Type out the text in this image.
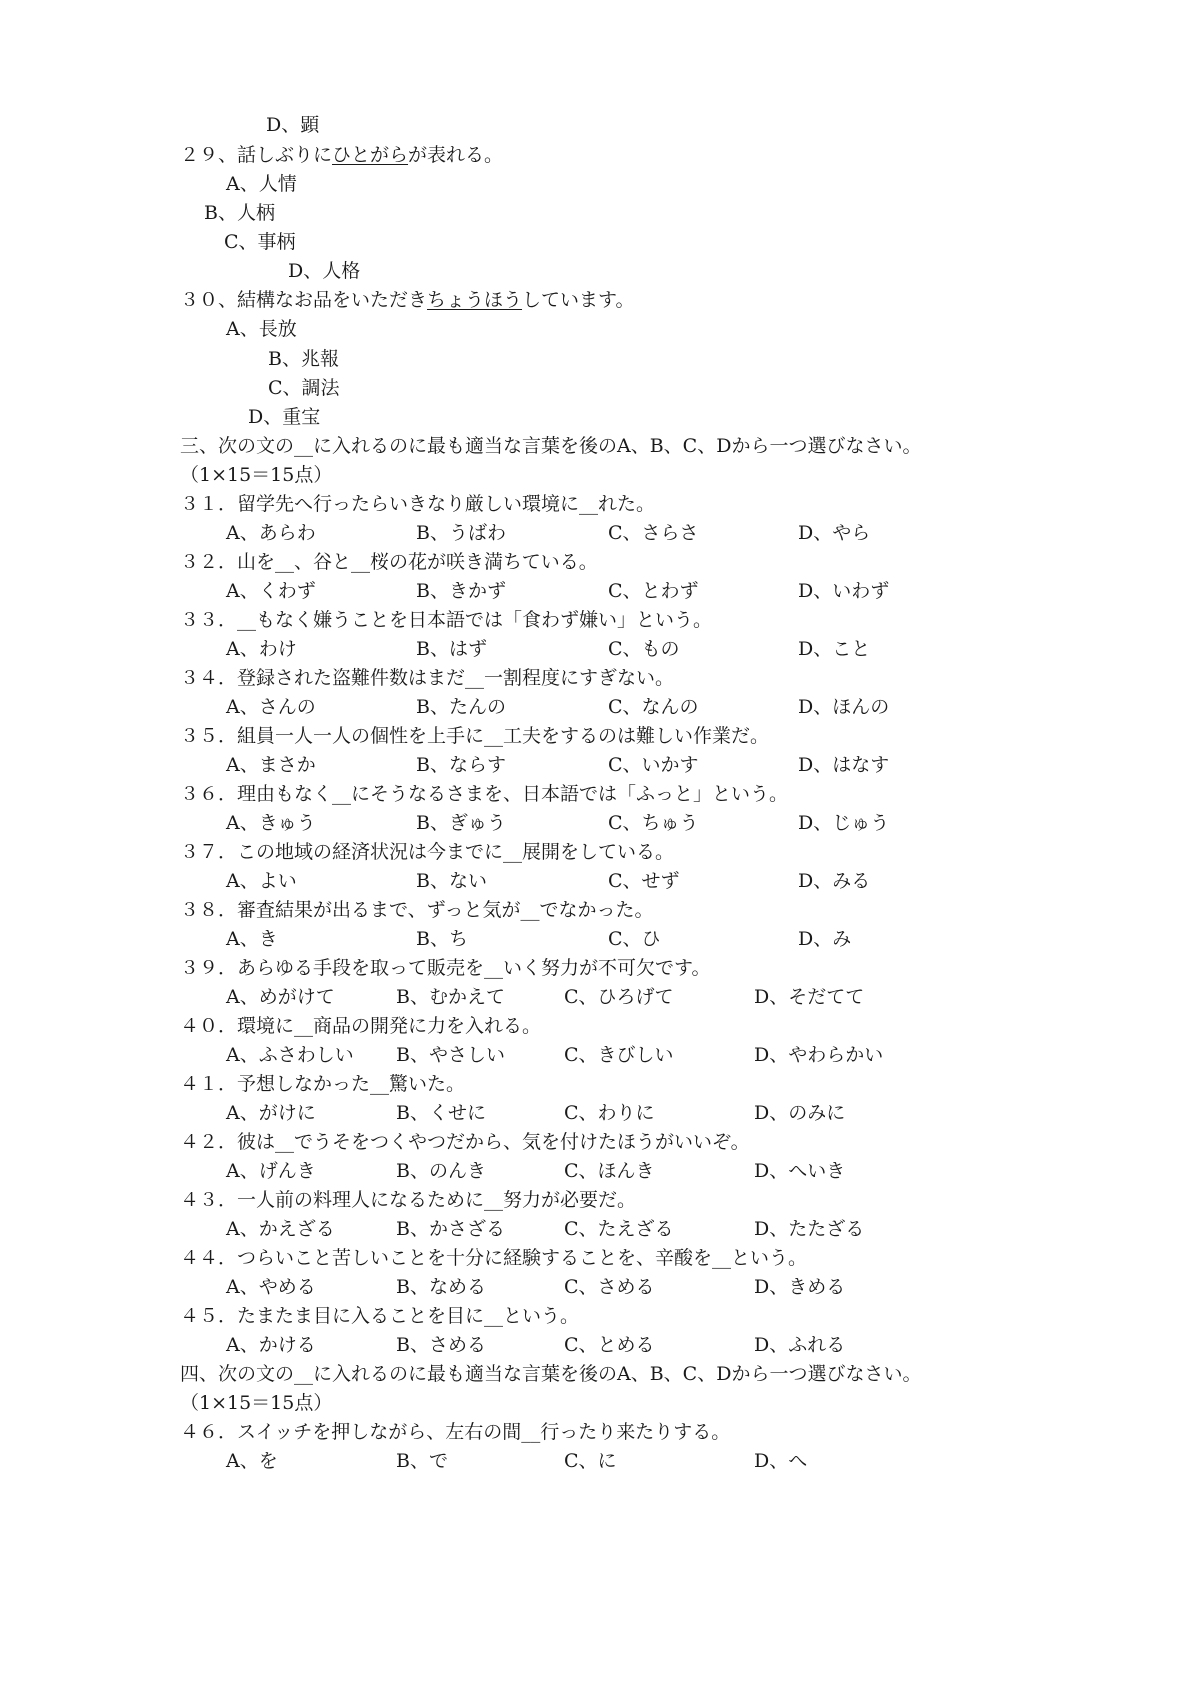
D、顕
２９、話しぶりにひとがらが表れる。
A、人情
B、人柄
C、事柄
D、人格
３０、結構なお品をいただきちょうほうしています。
A、長放
B、兆報
C、調法
D、重宝
三、次の文の__に入れるのに最も適当な言葉を後のA、B、C、Dから一つ選びなさい。
（1×15＝15点）
３１．留学先へ行ったらいきなり厳しい環境に__れた。
A、あらわ	B、うばわ	C、さらさ	D、やら
３２．山を__、谷と__桜の花が咲き満ちている。
A、くわず	B、きかず	C、とわず	D、いわず
３３．__もなく嫌うことを日本語では「食わず嫌い」という。
A、わけ	B、はず	C、もの	D、こと
３４．登録された盗難件数はまだ__一割程度にすぎない。
A、さんの	B、たんの	C、なんの	D、ほんの
３５．組員一人一人の個性を上手に__工夫をするのは難しい作業だ。
A、まさか	B、ならす	C、いかす	D、はなす
３６．理由もなく__にそうなるさまを、日本語では「ふっと」という。
A、きゅう	B、ぎゅう	C、ちゅう	D、じゅう
３７．この地域の経済状況は今までに__展開をしている。
A、よい	B、ない	C、せず	D、みる
３８．審査結果が出るまで、ずっと気が__でなかった。
A、き	B、ち	C、ひ	D、み
３９．あらゆる手段を取って販売を__いく努力が不可欠です。
A、めがけて	B、むかえて	C、ひろげて	D、そだてて
４０．環境に__商品の開発に力を入れる。
A、ふさわしい B、やさしい	C、きびしい	D、やわらかい
４１．予想しなかった__驚いた。
A、がけに	B、くせに	C、わりに	D、のみに
４２．彼は__でうそをつくやつだから、気を付けたほうがいいぞ。
A、げんき	B、のんき	C、ほんき	D、へいき
４３．一人前の料理人になるために__努力が必要だ。
A、かえざる	B、かさざる	C、たえざる	D、たたざる
４４．つらいこと苦しいことを十分に経験することを、辛酸を__という。
A、やめる	B、なめる	C、さめる	D、きめる
４５．たまたま目に入ることを目に__という。
A、かける	B、さめる	C、とめる	D、ふれる
四、次の文の__に入れるのに最も適当な言葉を後のA、B、C、Dから一つ選びなさい。
（1×15＝15点）
４６．スイッチを押しながら、左右の間__行ったり来たりする。
A、を	B、で	C、に	D、へ
